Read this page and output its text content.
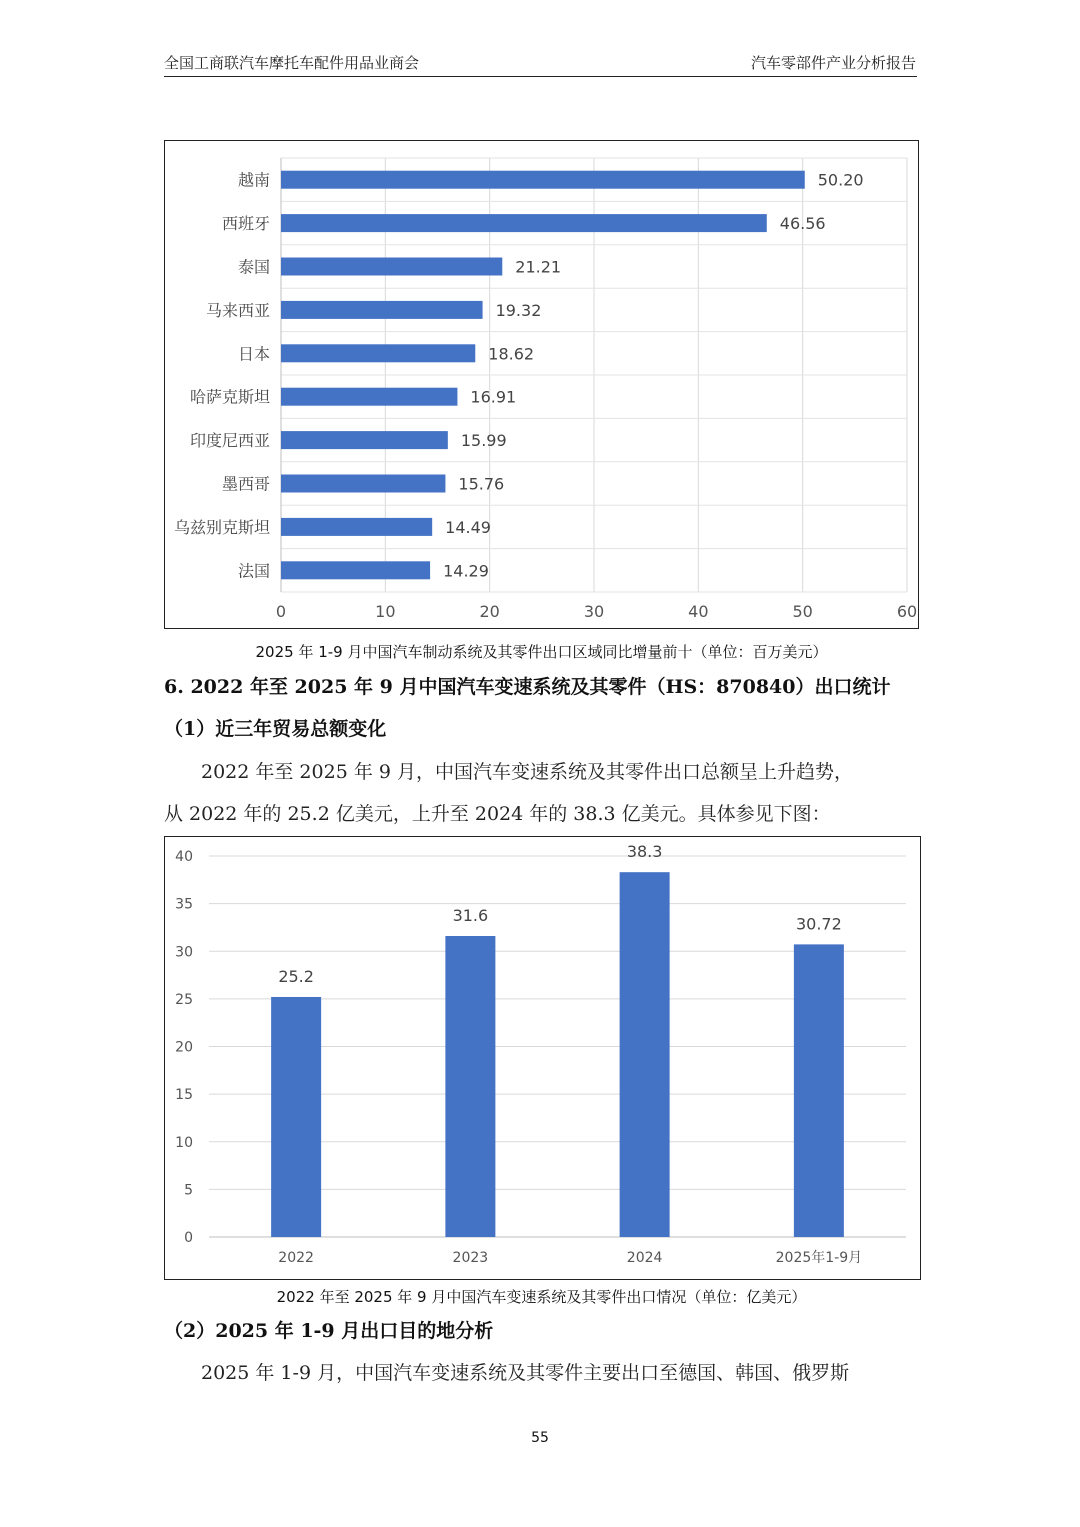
全国工商联汽车摩托车配件用品业商会	汽车零部件产业分析报告
0	10	20	30	40	50	60
越南	50.20
西班牙	46.56
泰国	21.21
马来西亚	19.32
日本	18.62
哈萨克斯坦	16.91
印度尼西亚	15.99
墨西哥	15.76
乌兹别克斯坦	14.49
法国	14.29
2025 年 1-9 月中国汽车制动系统及其零件出口区域同比增量前十（单位：百万美元）
6. 2022 年至 2025 年 9 月中国汽车变速系统及其零件（HS：870840）出口统计
（1）近三年贸易总额变化
2022 年至 2025 年 9 月，中国汽车变速系统及其零件出口总额呈上升趋势，
从 2022 年的 25.2 亿美元，上升至 2024 年的 38.3 亿美元。具体参见下图：
0
5
10
15
20
25
30
35
40
25.2
2022
31.6
2023
38.3
2024
30.72
2025年1-9月
2022 年至 2025 年 9 月中国汽车变速系统及其零件出口情况（单位：亿美元）
（2）2025 年 1-9 月出口目的地分析
2025 年 1-9 月，中国汽车变速系统及其零件主要出口至德国、韩国、俄罗斯
55
